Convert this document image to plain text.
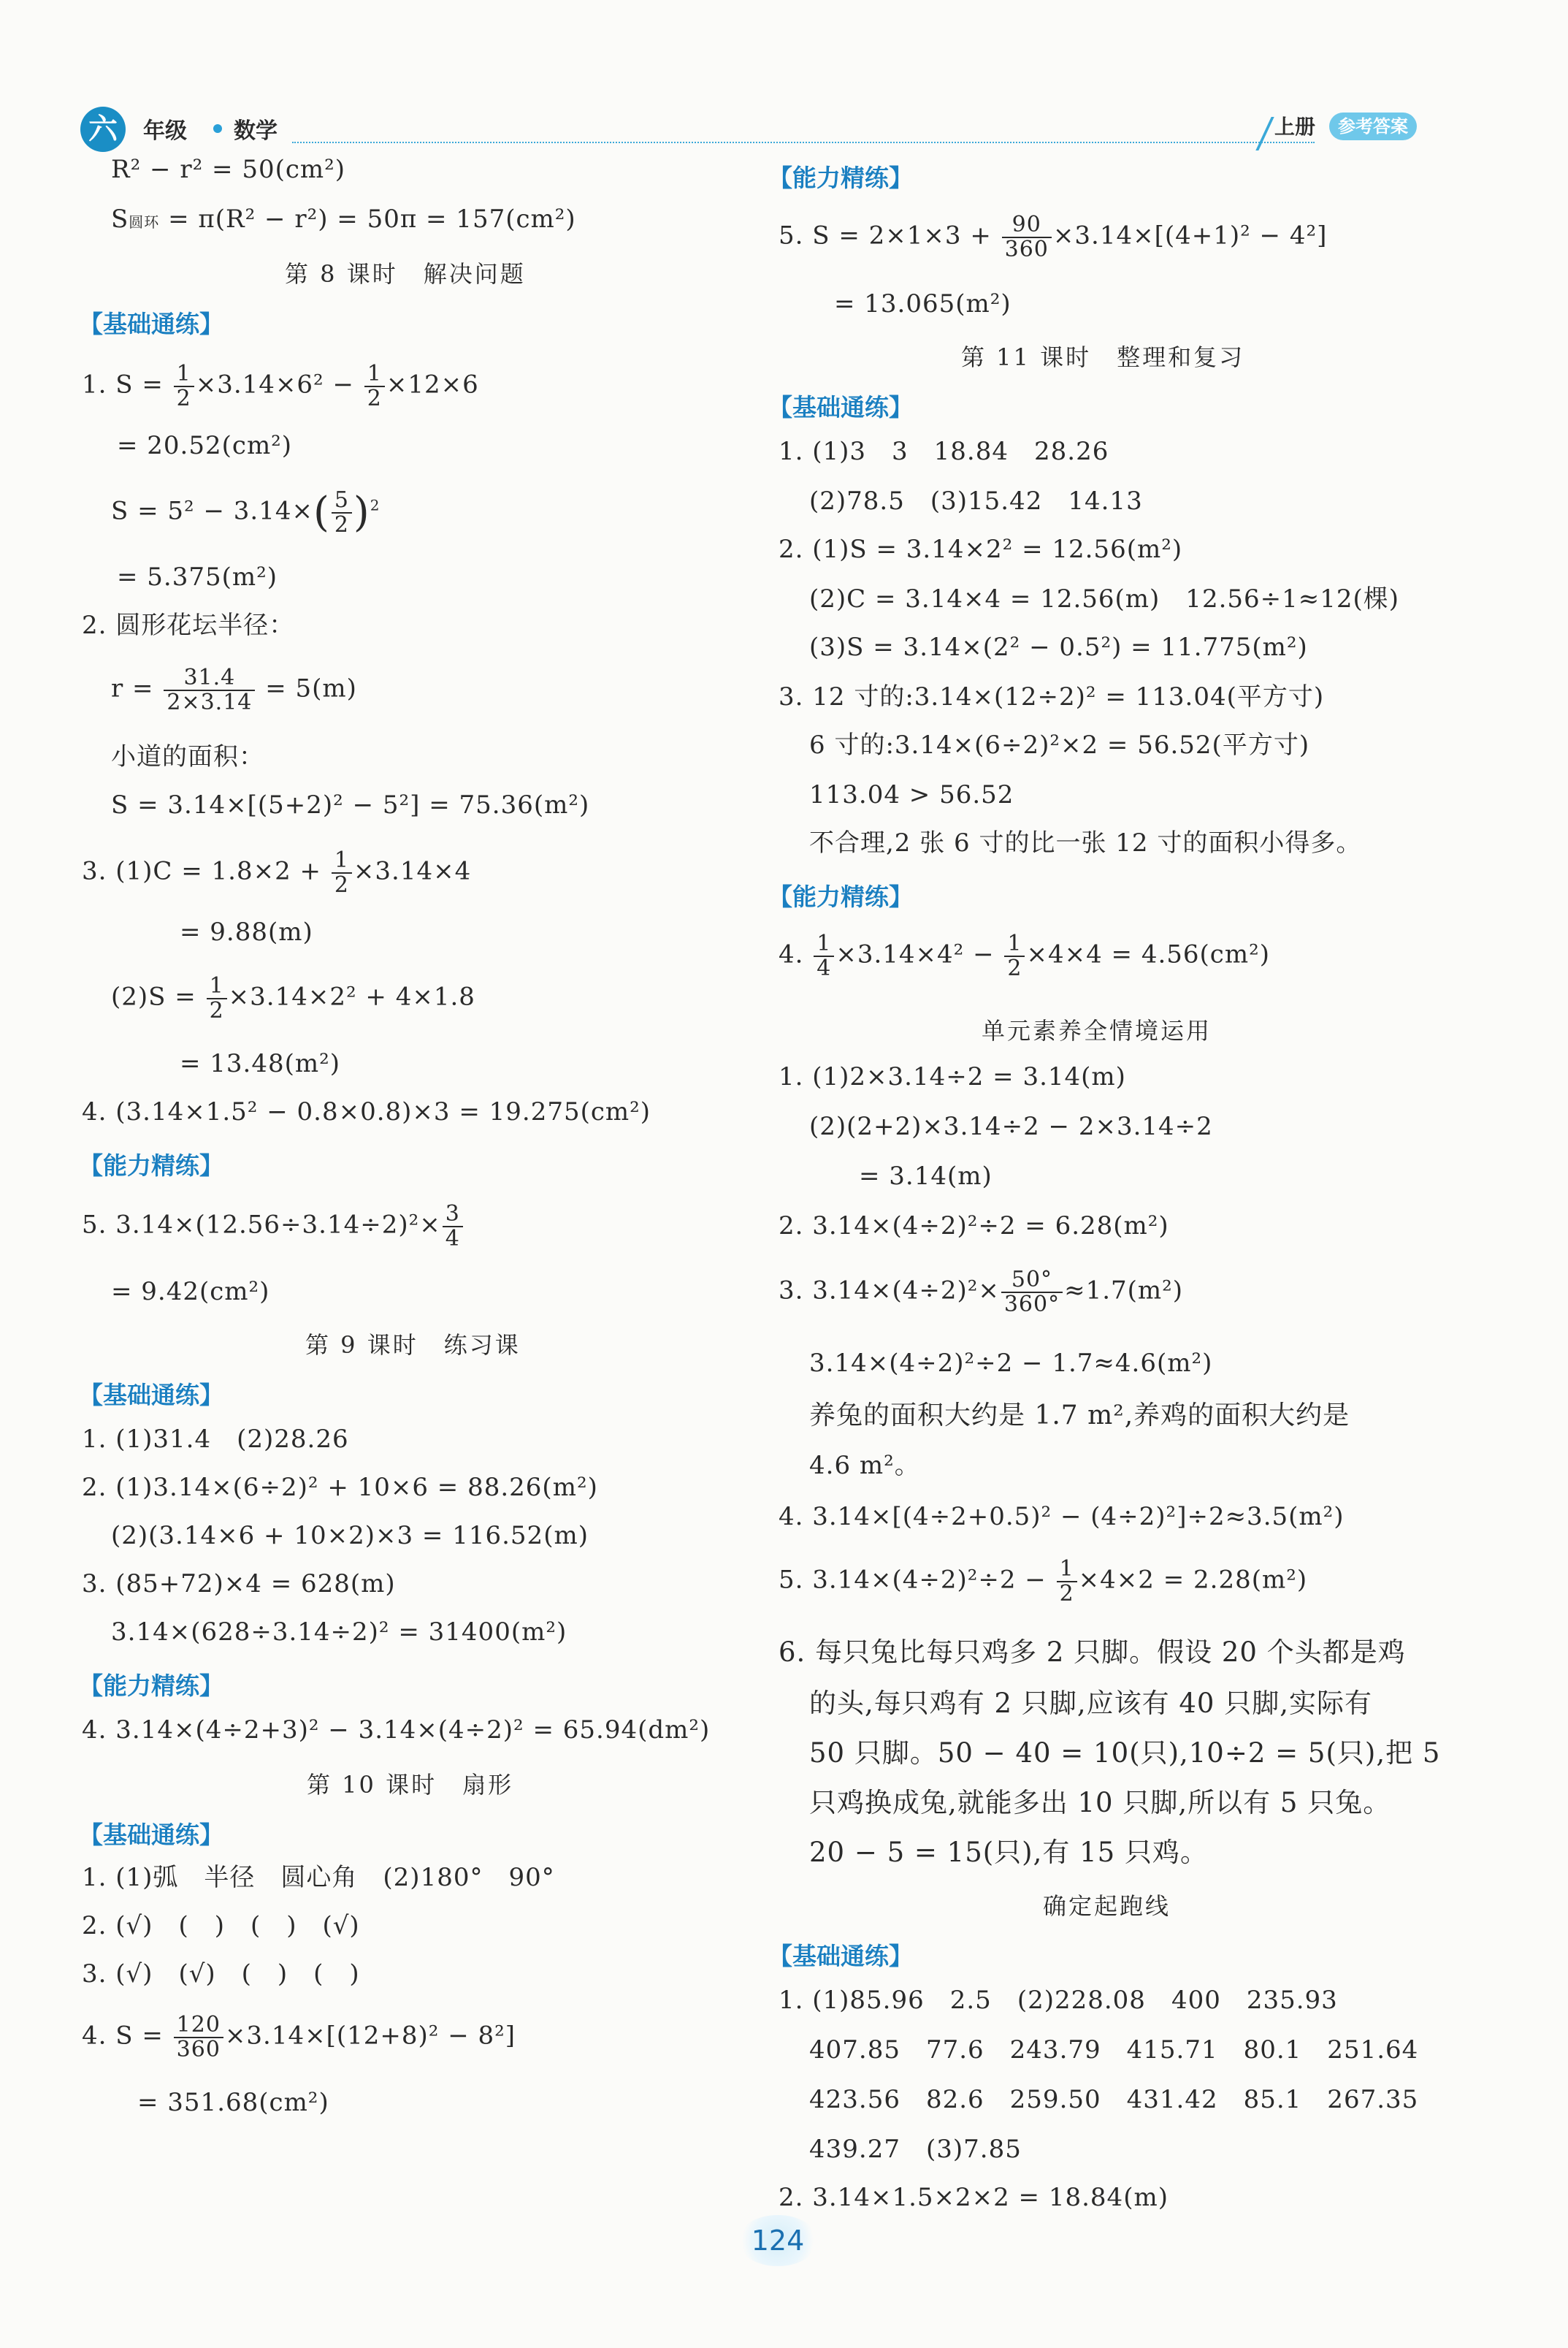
六	年级 数学	上册	参考答案
R² − r² = 50(cm²)
S圆环 = π(R² − r²) = 50π = 157(cm²)
第 8 课时　解决问题
【基础通练】
1. $S = \frac{1}{2} \times 3.14\times 6^2 - \frac{1}{2} \times 12\times 6$
= 20.52(cm²)
$S = 5^2 - 3.14\times( \frac{5}{2} )^2$
= 5.375(m²)
2. 圆形花坛半径：
$r = \frac{31.4}{2\times 3.14} = 5(m)$
小道的面积：
S = 3.14×[(5+2)² − 5²] = 75.36(m²)
3. $(1)C = 1.8\times 2 + \frac{1}{2} \times 3.14\times 4$
= 9.88(m)
$(2)S = \frac{1}{2} \times 3.14\times 2^2 + 4\times 1.8$
= 13.48(m²)
4. (3.14×1.5² − 0.8×0.8)×3 = 19.275(cm²)
【能力精练】
5. $3.14\times(12.56\div 3.14\div 2)^2\times \frac{3}{4}$
= 9.42(cm²)
第 9 课时　练习课
【基础通练】
1. (1)31.4　(2)28.26
2. (1)3.14×(6÷2)² + 10×6 = 88.26(m²)
(2)(3.14×6 + 10×2)×3 = 116.52(m)
3. (85+72)×4 = 628(m)
3.14×(628÷3.14÷2)² = 31400(m²)
【能力精练】
4. 3.14×(4÷2+3)² − 3.14×(4÷2)² = 65.94(dm²)
第 10 课时　扇形
【基础通练】
1. (1)弧　半径　圆心角　(2)180°　90°
2. (√)　(　)　(　)　(√)
3. (√)　(√)　(　)　(　)
4. $S = \frac{120}{360} \times 3.14\times[(12+8)^2 - 8^2]$
= 351.68(cm²)
【能力精练】
5. $S = 2\times 1\times 3 + \frac{90}{360} \times 3.14\times[(4+1)^2 - 4^2]$
= 13.065(m²)
第 11 课时　整理和复习
【基础通练】
1. (1)3　3　18.84　28.26
(2)78.5　(3)15.42　14.13
2. (1)S = 3.14×2² = 12.56(m²)
(2)C = 3.14×4 = 12.56(m)　12.56÷1≈12(棵)
(3)S = 3.14×(2² − 0.5²) = 11.775(m²)
3. 12 寸的:3.14×(12÷2)² = 113.04(平方寸)
6 寸的:3.14×(6÷2)²×2 = 56.52(平方寸)
113.04 > 56.52
不合理,2 张 6 寸的比一张 12 寸的面积小得多。
【能力精练】
4. $\frac{1}{4} \times 3.14\times 4^2 - \frac{1}{2} \times 4\times 4 = 4.56(cm^2)$
单元素养全情境运用
1. (1)2×3.14÷2 = 3.14(m)
(2)(2+2)×3.14÷2 − 2×3.14÷2
= 3.14(m)
2. 3.14×(4÷2)²÷2 = 6.28(m²)
3. $3.14\times(4\div 2)^2\times \frac{50^\circ}{360^\circ} \approx 1.7(m^2)$
3.14×(4÷2)²÷2 − 1.7≈4.6(m²)
养兔的面积大约是 1.7 m²,养鸡的面积大约是
4.6 m²。
4. 3.14×[(4÷2+0.5)² − (4÷2)²]÷2≈3.5(m²)
5. $3.14\times(4\div 2)^2\div 2 - \frac{1}{2} \times 4\times 2 = 2.28(m^2)$
6. 每只兔比每只鸡多 2 只脚。假设 20 个头都是鸡
的头,每只鸡有 2 只脚,应该有 40 只脚,实际有
50 只脚。50 − 40 = 10(只),10÷2 = 5(只),把 5
只鸡换成兔,就能多出 10 只脚,所以有 5 只兔。
20 − 5 = 15(只),有 15 只鸡。
确定起跑线
【基础通练】
1. (1)85.96　2.5　(2)228.08　400　235.93
407.85　77.6　243.79　415.71　80.1　251.64
423.56　82.6　259.50　431.42　85.1　267.35
439.27　(3)7.85
2. 3.14×1.5×2×2 = 18.84(m)
124
